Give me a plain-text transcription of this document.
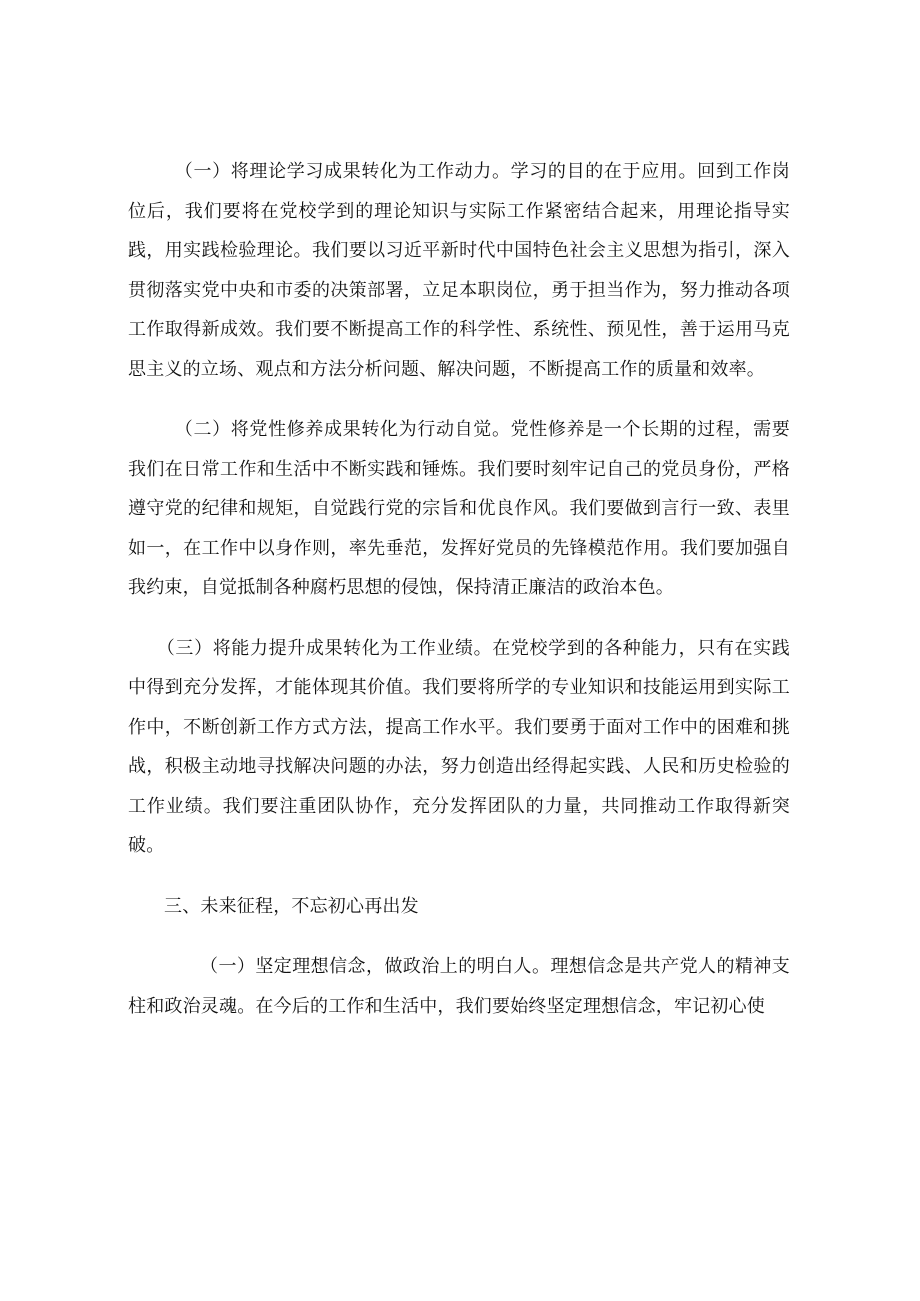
（一）将理论学习成果转化为工作动力。学习的目的在于应用。回到工作岗位后，我们要将在党校学到的理论知识与实际工作紧密结合起来，用理论指导实践，用实践检验理论。我们要以习近平新时代中国特色社会主义思想为指引，深入贯彻落实党中央和市委的决策部署，立足本职岗位，勇于担当作为，努力推动各项工作取得新成效。我们要不断提高工作的科学性、系统性、预见性，善于运用马克思主义的立场、观点和方法分析问题、解决问题，不断提高工作的质量和效率。

（二）将党性修养成果转化为行动自觉。党性修养是一个长期的过程，需要我们在日常工作和生活中不断实践和锤炼。我们要时刻牢记自己的党员身份，严格遵守党的纪律和规矩，自觉践行党的宗旨和优良作风。我们要做到言行一致、表里如一，在工作中以身作则，率先垂范，发挥好党员的先锋模范作用。我们要加强自我约束，自觉抵制各种腐朽思想的侵蚀，保持清正廉洁的政治本色。

（三）将能力提升成果转化为工作业绩。在党校学到的各种能力，只有在实践中得到充分发挥，才能体现其价值。我们要将所学的专业知识和技能运用到实际工作中，不断创新工作方式方法，提高工作水平。我们要勇于面对工作中的困难和挑战，积极主动地寻找解决问题的办法，努力创造出经得起实践、人民和历史检验的工作业绩。我们要注重团队协作，充分发挥团队的力量，共同推动工作取得新突破。

三、未来征程，不忘初心再出发

（一）坚定理想信念，做政治上的明白人。理想信念是共产党人的精神支柱和政治灵魂。在今后的工作和生活中，我们要始终坚定理想信念，牢记初心使
